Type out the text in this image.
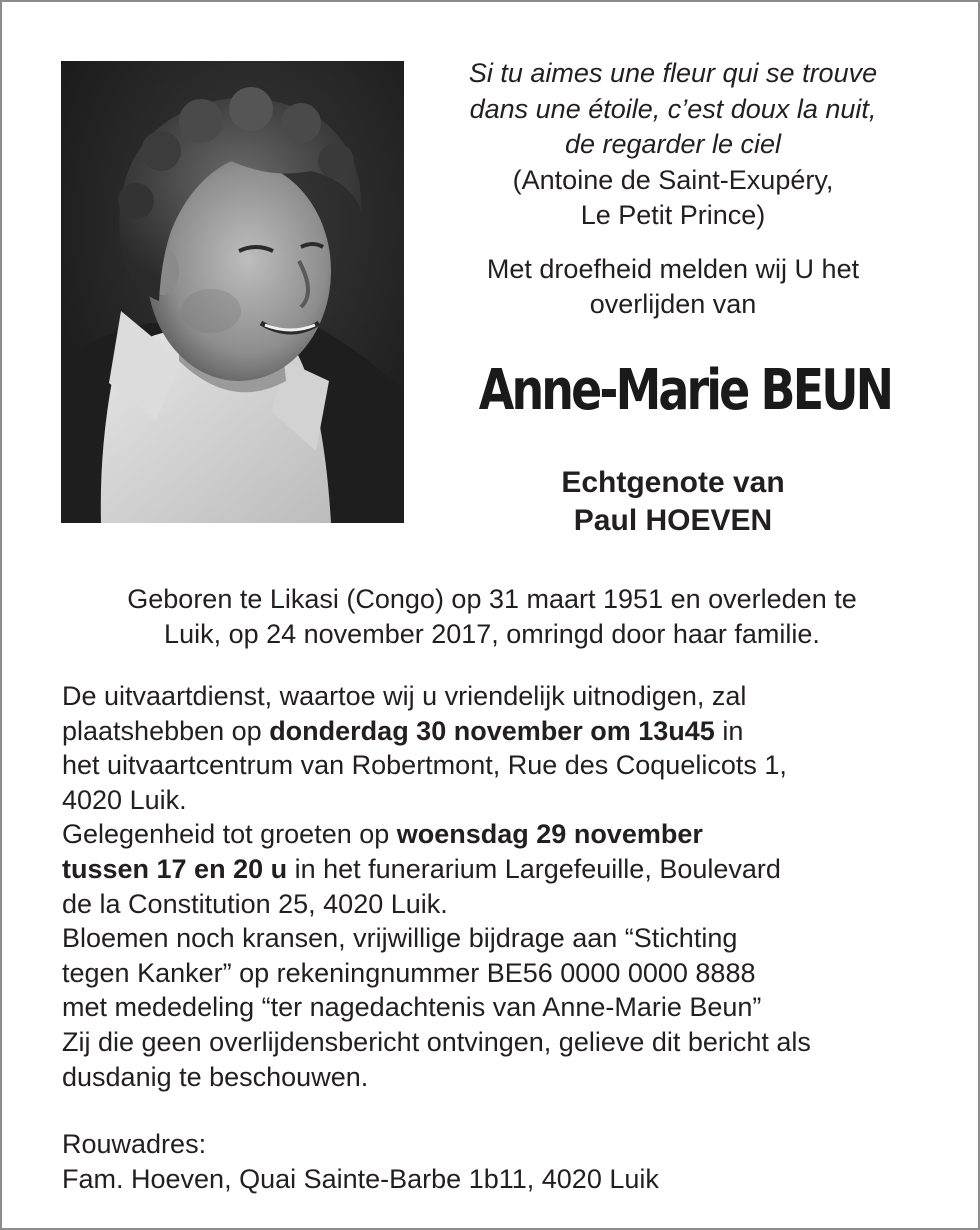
Si tu aimes une fleur qui se trouve
dans une étoile, c’est doux la nuit,
de regarder le ciel
(Antoine de Saint-Exupéry,
Le Petit Prince)
Met droefheid melden wij U het
overlijden van
Anne-Marie BEUN
Echtgenote van
Paul HOEVEN
Geboren te Likasi (Congo) op 31 maart 1951 en overleden te
Luik, op 24 november 2017, omringd door haar familie.

De uitvaartdienst, waartoe wij u vriendelijk uitnodigen, zal
plaatshebben op donderdag 30 november om 13u45 in
het uitvaartcentrum van Robertmont, Rue des Coquelicots 1,
4020 Luik.

Gelegenheid tot groeten op woensdag 29 november
tussen 17 en 20 u in het funerarium Largefeuille, Boulevard
de la Constitution 25, 4020 Luik.

Bloemen noch kransen, vrijwillige bijdrage aan “Stichting
tegen Kanker” op rekeningnummer BE56 0000 0000 8888
met mededeling “ter nagedachtenis van Anne-Marie Beun”

Zij die geen overlijdensbericht ontvingen, gelieve dit bericht als
dusdanig te beschouwen.

Rouwadres:
Fam. Hoeven, Quai Sainte-Barbe 1b11, 4020 Luik
